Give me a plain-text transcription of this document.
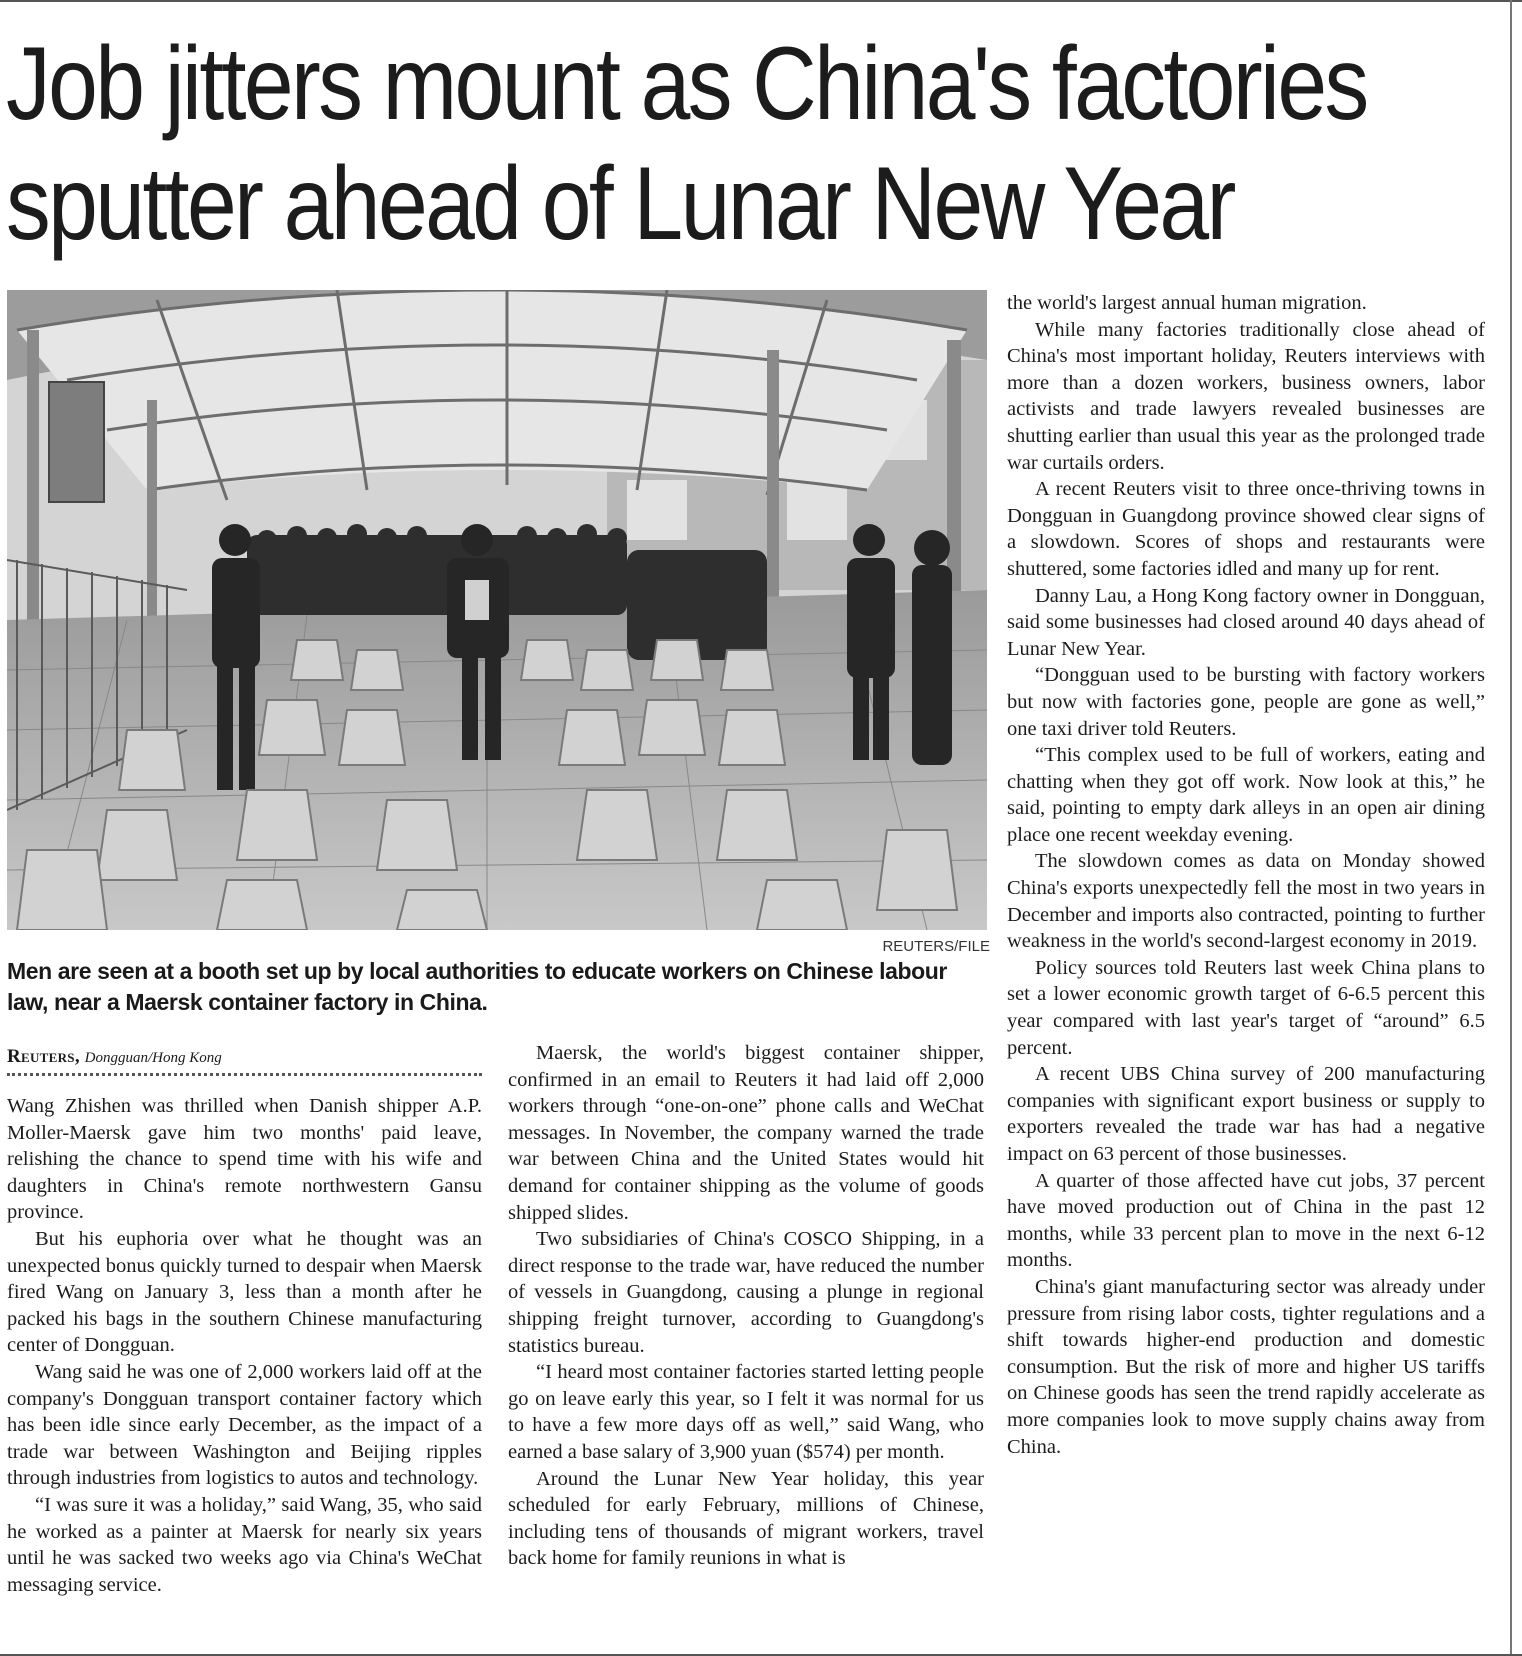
Job jitters mount as China's factories
sputter ahead of Lunar New Year
REUTERS/FILE

Men are seen at a booth set up by local authorities to educate workers on Chinese labour law, near a Maersk container factory in China.

Reuters, Dongguan/Hong Kong

Wang Zhishen was thrilled when Danish shipper A.P. Moller-Maersk gave him two months' paid leave, relishing the chance to spend time with his wife and daughters in China's remote northwestern Gansu province.

But his euphoria over what he thought was an unexpected bonus quickly turned to despair when Maersk fired Wang on January 3, less than a month after he packed his bags in the southern Chinese manufacturing center of Dongguan.

Wang said he was one of 2,000 workers laid off at the company's Dongguan transport container factory which has been idle since early December, as the impact of a trade war between Washington and Beijing ripples through industries from logistics to autos and technology.

“I was sure it was a holiday,” said Wang, 35, who said he worked as a painter at Maersk for nearly six years until he was sacked two weeks ago via China's WeChat messaging service.

Maersk, the world's biggest container shipper, confirmed in an email to Reuters it had laid off 2,000 workers through “one-on-one” phone calls and WeChat messages. In November, the company warned the trade war between China and the United States would hit demand for container shipping as the volume of goods shipped slides.

Two subsidiaries of China's COSCO Shipping, in a direct response to the trade war, have reduced the number of vessels in Guangdong, causing a plunge in regional shipping freight turnover, according to Guangdong's statistics bureau.

“I heard most container factories started letting people go on leave early this year, so I felt it was normal for us to have a few more days off as well,” said Wang, who earned a base salary of 3,900 yuan ($574) per month.

Around the Lunar New Year holiday, this year scheduled for early February, millions of Chinese, including tens of thousands of migrant workers, travel back home for family reunions in what is

the world's largest annual human migration.

While many factories traditionally close ahead of China's most important holiday, Reuters interviews with more than a dozen workers, business owners, labor activists and trade lawyers revealed businesses are shutting earlier than usual this year as the prolonged trade war curtails orders.

A recent Reuters visit to three once-thriving towns in Dongguan in Guangdong province showed clear signs of a slowdown. Scores of shops and restaurants were shuttered, some factories idled and many up for rent.

Danny Lau, a Hong Kong factory owner in Dongguan, said some businesses had closed around 40 days ahead of Lunar New Year.

“Dongguan used to be bursting with factory workers but now with factories gone, people are gone as well,” one taxi driver told Reuters.

“This complex used to be full of workers, eating and chatting when they got off work. Now look at this,” he said, pointing to empty dark alleys in an open air dining place one recent weekday evening.

The slowdown comes as data on Monday showed China's exports unexpectedly fell the most in two years in December and imports also contracted, pointing to further weakness in the world's second-largest economy in 2019.

Policy sources told Reuters last week China plans to set a lower economic growth target of 6-6.5 percent this year compared with last year's target of “around” 6.5 percent.

A recent UBS China survey of 200 manufacturing companies with significant export business or supply to exporters revealed the trade war has had a negative impact on 63 percent of those businesses.

A quarter of those affected have cut jobs, 37 percent have moved production out of China in the past 12 months, while 33 percent plan to move in the next 6-12 months.

China's giant manufacturing sector was already under pressure from rising labor costs, tighter regulations and a shift towards higher-end production and domestic consumption. But the risk of more and higher US tariffs on Chinese goods has seen the trend rapidly accelerate as more companies look to move supply chains away from China.
